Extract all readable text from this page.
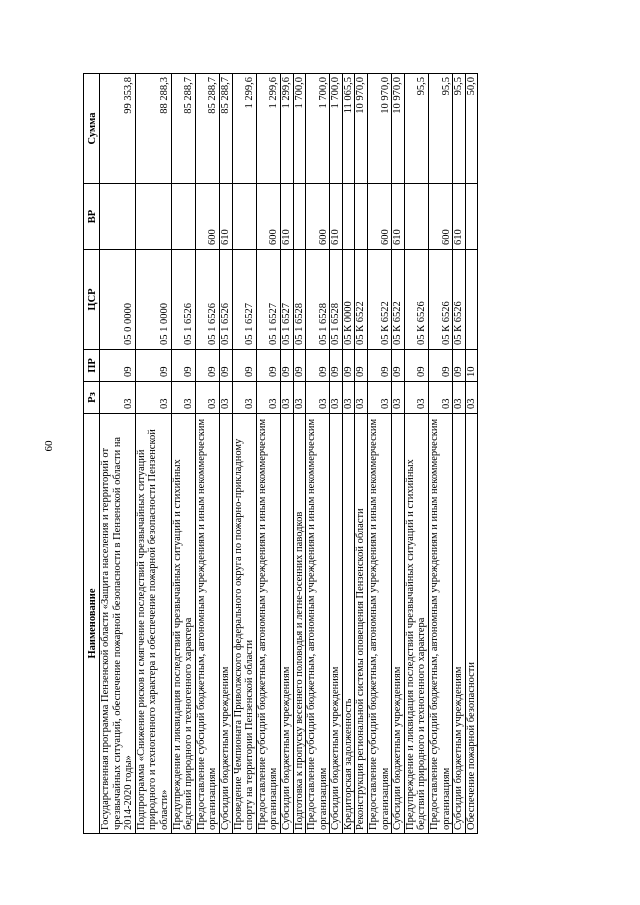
60
Наименование	Рз	ПР	ЦСР	ВР	Сумма
Государственная программа Пензенской области «Защита населения и территорий от чрезвычайных ситуаций, обеспечение пожарной безопасности в Пензенской области на 2014-2020 годы»	03	09	05 0 0000		99 353,8
Подпрограмма «Снижение рисков и смягчение последствий чрезвычайных ситуаций природного и техногенного характера и обеспечение пожарной безопасности Пензенской области»	03	09	05 1 0000		88 288,3
Предупреждение и ликвидация последствий чрезвычайных ситуаций и стихийных бедствий природного и техногенного характера	03	09	05 1 6526		85 288,7
Предоставление субсидий бюджетным, автономным учреждениям и иным некоммерческим организациям	03	09	05 1 6526	600	85 288,7
Субсидии бюджетным учреждениям	03	09	05 1 6526	610	85 288,7
Проведение Чемпионата Приволжского федерального округа по пожарно-прикладному спорту на территории Пензенской области	03	09	05 1 6527		1 299,6
Предоставление субсидий бюджетным, автономным учреждениям и иным некоммерческим организациям	03	09	05 1 6527	600	1 299,6
Субсидии бюджетным учреждениям	03	09	05 1 6527	610	1 299,6
Подготовка к пропуску весеннего половодья и летне-осенних паводков	03	09	05 1 6528		1 700,0
Предоставление субсидий бюджетным, автономным учреждениям и иным некоммерческим организациям	03	09	05 1 6528	600	1 700,0
Субсидии бюджетным учреждениям	03	09	05 1 6528	610	1 700,0
Кредиторская задолженность	03	09	05 К 0000		11 065,5
Реконструкция региональной системы оповещения Пензенской области	03	09	05 К 6522		10 970,0
Предоставление субсидий бюджетным, автономным учреждениям и иным некоммерческим организациям	03	09	05 К 6522	600	10 970,0
Субсидии бюджетным учреждениям	03	09	05 К 6522	610	10 970,0
Предупреждение и ликвидация последствий чрезвычайных ситуаций и стихийных бедствий природного и техногенного характера	03	09	05 К 6526		95,5
Предоставление субсидий бюджетным, автономным учреждениям и иным некоммерческим организациям	03	09	05 К 6526	600	95,5
Субсидии бюджетным учреждениям	03	09	05 К 6526	610	95,5
Обеспечение пожарной безопасности	03	10			50,0
